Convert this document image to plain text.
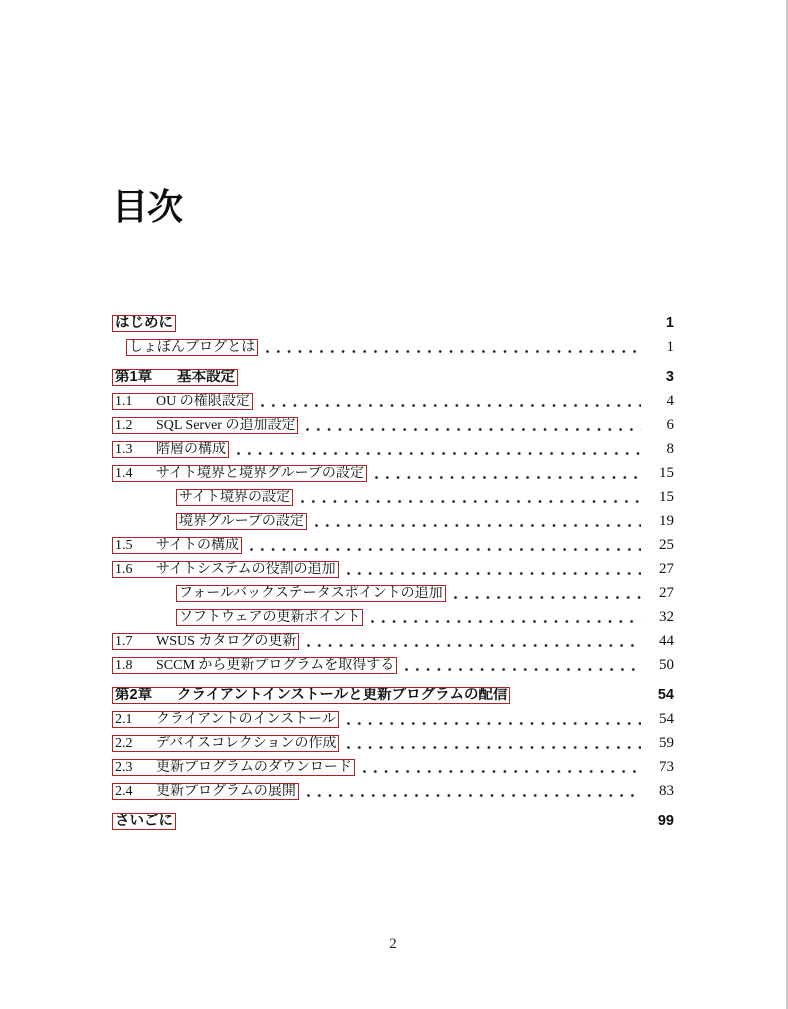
目次
はじめに	1
しょぼんブログとは	1
第1章	基本設定	3
1.1	OU の権限設定	4
1.2	SQL Server の追加設定	6
1.3	階層の構成	8
1.4	サイト境界と境界グループの設定	15
サイト境界の設定	15
境界グループの設定	19
1.5	サイトの構成	25
1.6	サイトシステムの役割の追加	27
フォールバックステータスポイントの追加	27
ソフトウェアの更新ポイント	32
1.7	WSUS カタログの更新	44
1.8	SCCM から更新プログラムを取得する	50
第2章	クライアントインストールと更新プログラムの配信	54
2.1	クライアントのインストール	54
2.2	デバイスコレクションの作成	59
2.3	更新プログラムのダウンロード	73
2.4	更新プログラムの展開	83
さいごに	99
2
